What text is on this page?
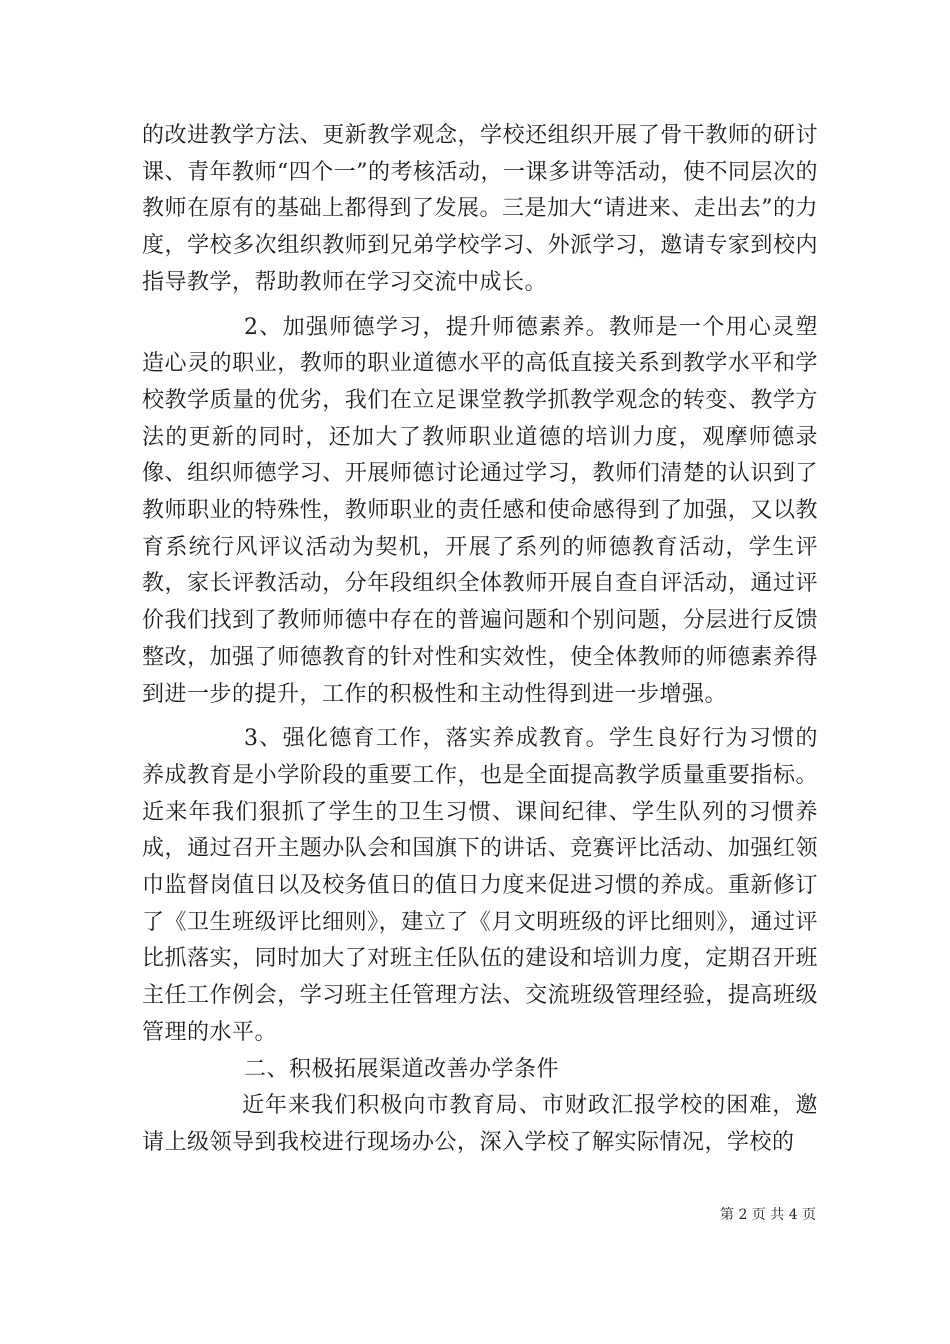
的改进教学方法、更新教学观念，学校还组织开展了骨干教师的研讨课、青年教师“四个一”的考核活动，一课多讲等活动，使不同层次的教师在原有的基础上都得到了发展。三是加大“请进来、走出去”的力度，学校多次组织教师到兄弟学校学习、外派学习，邀请专家到校内指导教学，帮助教师在学习交流中成长。

2、加强师德学习，提升师德素养。教师是一个用心灵塑造心灵的职业，教师的职业道德水平的高低直接关系到教学水平和学校教学质量的优劣，我们在立足课堂教学抓教学观念的转变、教学方法的更新的同时，还加大了教师职业道德的培训力度，观摩师德录像、组织师德学习、开展师德讨论通过学习，教师们清楚的认识到了教师职业的特殊性，教师职业的责任感和使命感得到了加强，又以教育系统行风评议活动为契机，开展了系列的师德教育活动，学生评教，家长评教活动，分年段组织全体教师开展自查自评活动，通过评价我们找到了教师师德中存在的普遍问题和个别问题，分层进行反馈整改，加强了师德教育的针对性和实效性，使全体教师的师德素养得到进一步的提升，工作的积极性和主动性得到进一步增强。

3、强化德育工作，落实养成教育。学生良好行为习惯的养成教育是小学阶段的重要工作，也是全面提高教学质量重要指标。近来年我们狠抓了学生的卫生习惯、课间纪律、学生队列的习惯养成，通过召开主题办队会和国旗下的讲话、竞赛评比活动、加强红领巾监督岗值日以及校务值日的值日力度来促进习惯的养成。重新修订了《卫生班级评比细则》，建立了《月文明班级的评比细则》，通过评比抓落实，同时加大了对班主任队伍的建设和培训力度，定期召开班主任工作例会，学习班主任管理方法、交流班级管理经验，提高班级管理的水平。

二、积极拓展渠道改善办学条件

近年来我们积极向市教育局、市财政汇报学校的困难，邀请上级领导到我校进行现场办公，深入学校了解实际情况，学校的

第 2 页 共 4 页
